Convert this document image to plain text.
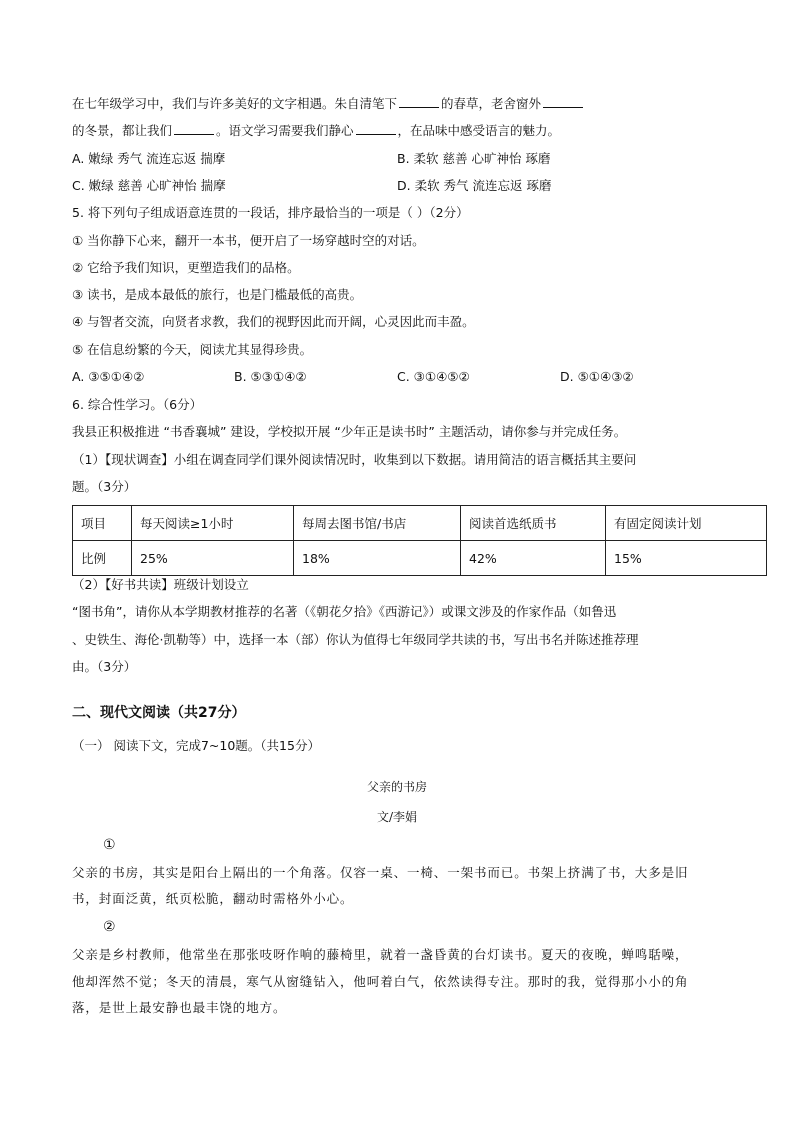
在七年级学习中，我们与许多美好的文字相遇。朱自清笔下	的春草，老舍窗外
的冬景，都让我们	。语文学习需要我们静心	，在品味中感受语言的魅力。
A. 嫩绿 秀气 流连忘返 揣摩	B. 柔软 慈善 心旷神怡 琢磨
C. 嫩绿 慈善 心旷神怡 揣摩	D. 柔软 秀气 流连忘返 琢磨
5. 将下列句子组成语意连贯的一段话，排序最恰当的一项是（ ）（2分）
① 当你静下心来，翻开一本书，便开启了一场穿越时空的对话。
② 它给予我们知识，更塑造我们的品格。
③ 读书，是成本最低的旅行，也是门槛最低的高贵。
④ 与智者交流，向贤者求教，我们的视野因此而开阔，心灵因此而丰盈。
⑤ 在信息纷繁的今天，阅读尤其显得珍贵。
A. ③⑤①④②	B. ⑤③①④②	C. ③①④⑤②	D. ⑤①④③②
6. 综合性学习。（6分）
我县正积极推进 “书香襄城” 建设，学校拟开展 “少年正是读书时” 主题活动，请你参与并完成任务。
（1）【现状调查】小组在调查同学们课外阅读情况时，收集到以下数据。请用简洁的语言概括其主要问
题。（3分）
项目	每天阅读≥1小时	每周去图书馆/书店	阅读首选纸质书	有固定阅读计划
比例	25%	18%	42%	15%
（2）【好书共读】班级计划设立
“图书角”，请你从本学期教材推荐的名著（《朝花夕拾》《西游记》）或课文涉及的作家作品（如鲁迅
、史铁生、海伦·凯勒等）中，选择一本（部）你认为值得七年级同学共读的书，写出书名并陈述推荐理
由。（3分）
二、现代文阅读（共27分）
（一） 阅读下文，完成7~10题。（共15分）
父亲的书房
文/李娟
①
父亲的书房，其实是阳台上隔出的一个角落。仅容一桌、一椅、一架书而已。书架上挤满了书，大多是旧
书，封面泛黄，纸页松脆，翻动时需格外小心。
②
父亲是乡村教师，他常坐在那张吱呀作响的藤椅里，就着一盏昏黄的台灯读书。夏天的夜晚，蝉鸣聒噪，
他却浑然不觉；冬天的清晨，寒气从窗缝钻入，他呵着白气，依然读得专注。那时的我，觉得那小小的角
落，是世上最安静也最丰饶的地方。
